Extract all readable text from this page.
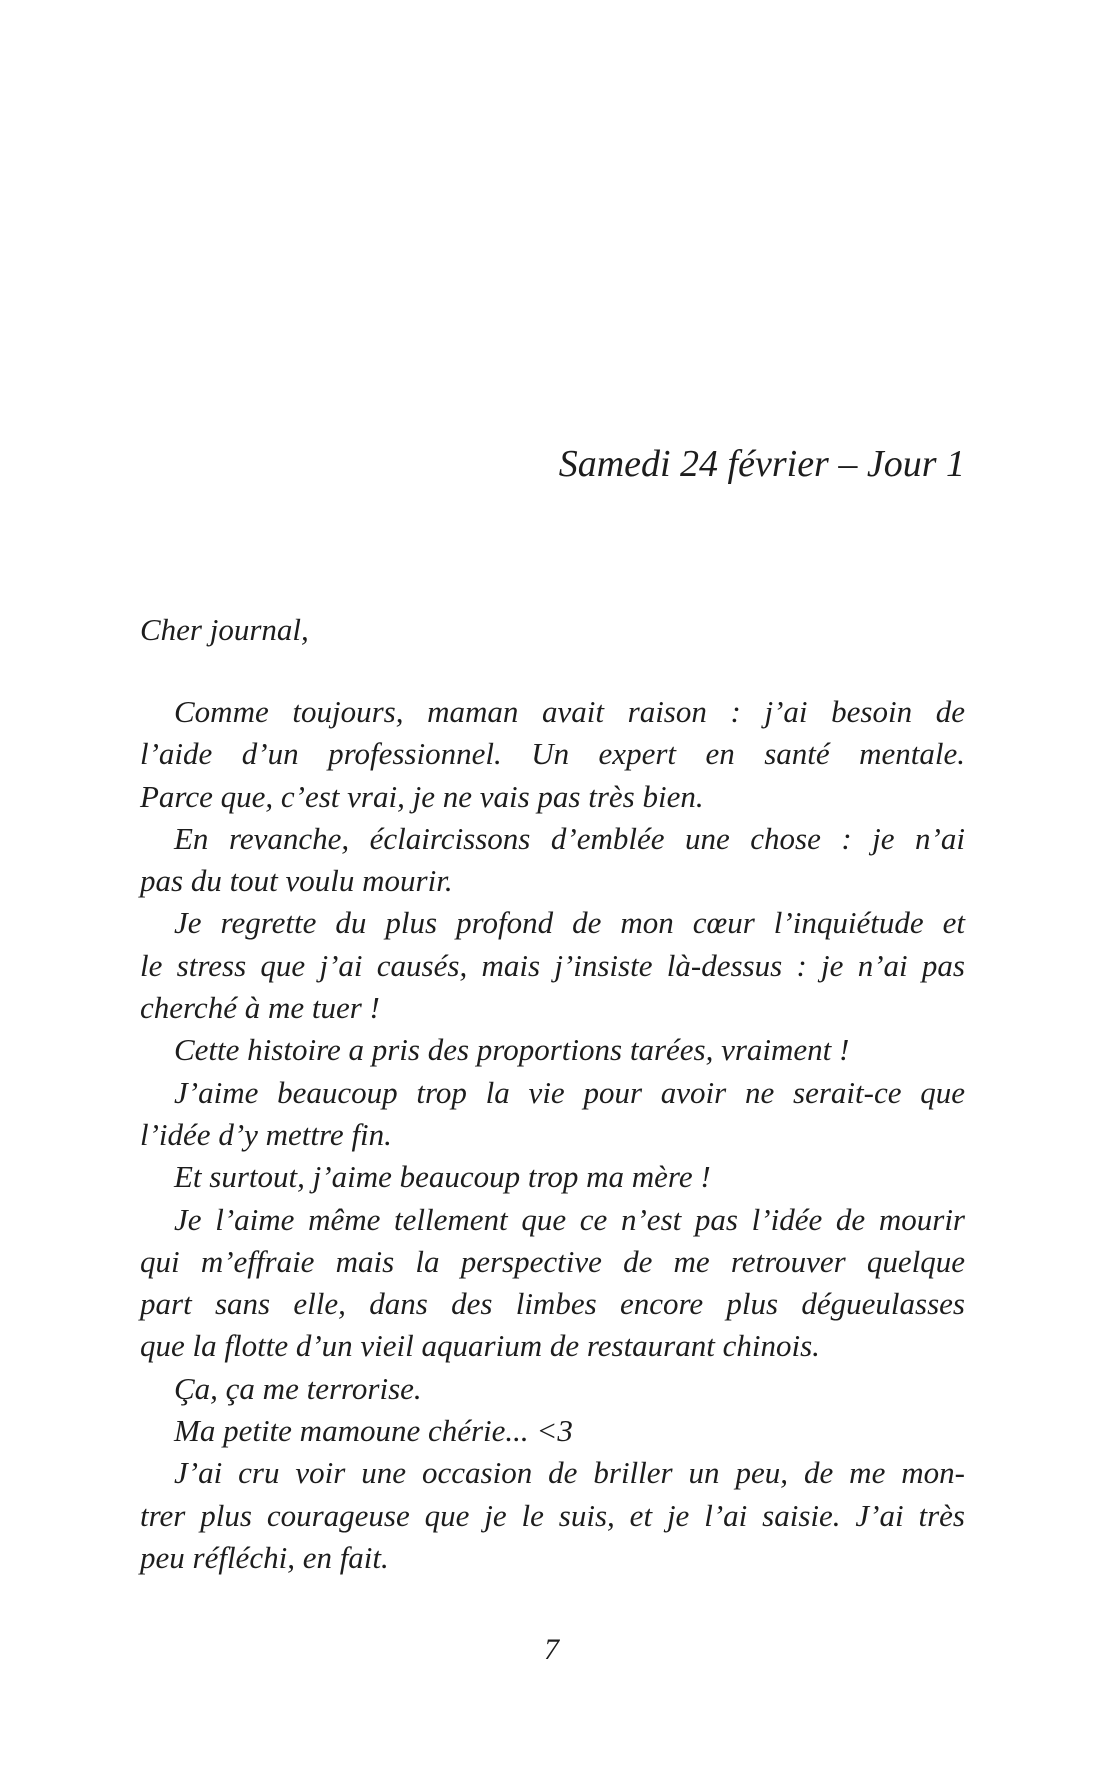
Samedi 24 février – Jour 1
Cher journal,
Comme toujours, maman avait raison : j’ai besoin de
l’aide d’un professionnel. Un expert en santé mentale.
Parce que, c’est vrai, je ne vais pas très bien.
En revanche, éclaircissons d’emblée une chose : je n’ai
pas du tout voulu mourir.
Je regrette du plus profond de mon cœur l’inquiétude et
le stress que j’ai causés, mais j’insiste là-dessus : je n’ai pas
cherché à me tuer !
Cette histoire a pris des proportions tarées, vraiment !
J’aime beaucoup trop la vie pour avoir ne serait-ce que
l’idée d’y mettre fin.
Et surtout, j’aime beaucoup trop ma mère !
Je l’aime même tellement que ce n’est pas l’idée de mourir
qui m’effraie mais la perspective de me retrouver quelque
part sans elle, dans des limbes encore plus dégueulasses
que la flotte d’un vieil aquarium de restaurant chinois.
Ça, ça me terrorise.
Ma petite mamoune chérie... <3
J’ai cru voir une occasion de briller un peu, de me mon-
trer plus courageuse que je le suis, et je l’ai saisie. J’ai très
peu réfléchi, en fait.
7
